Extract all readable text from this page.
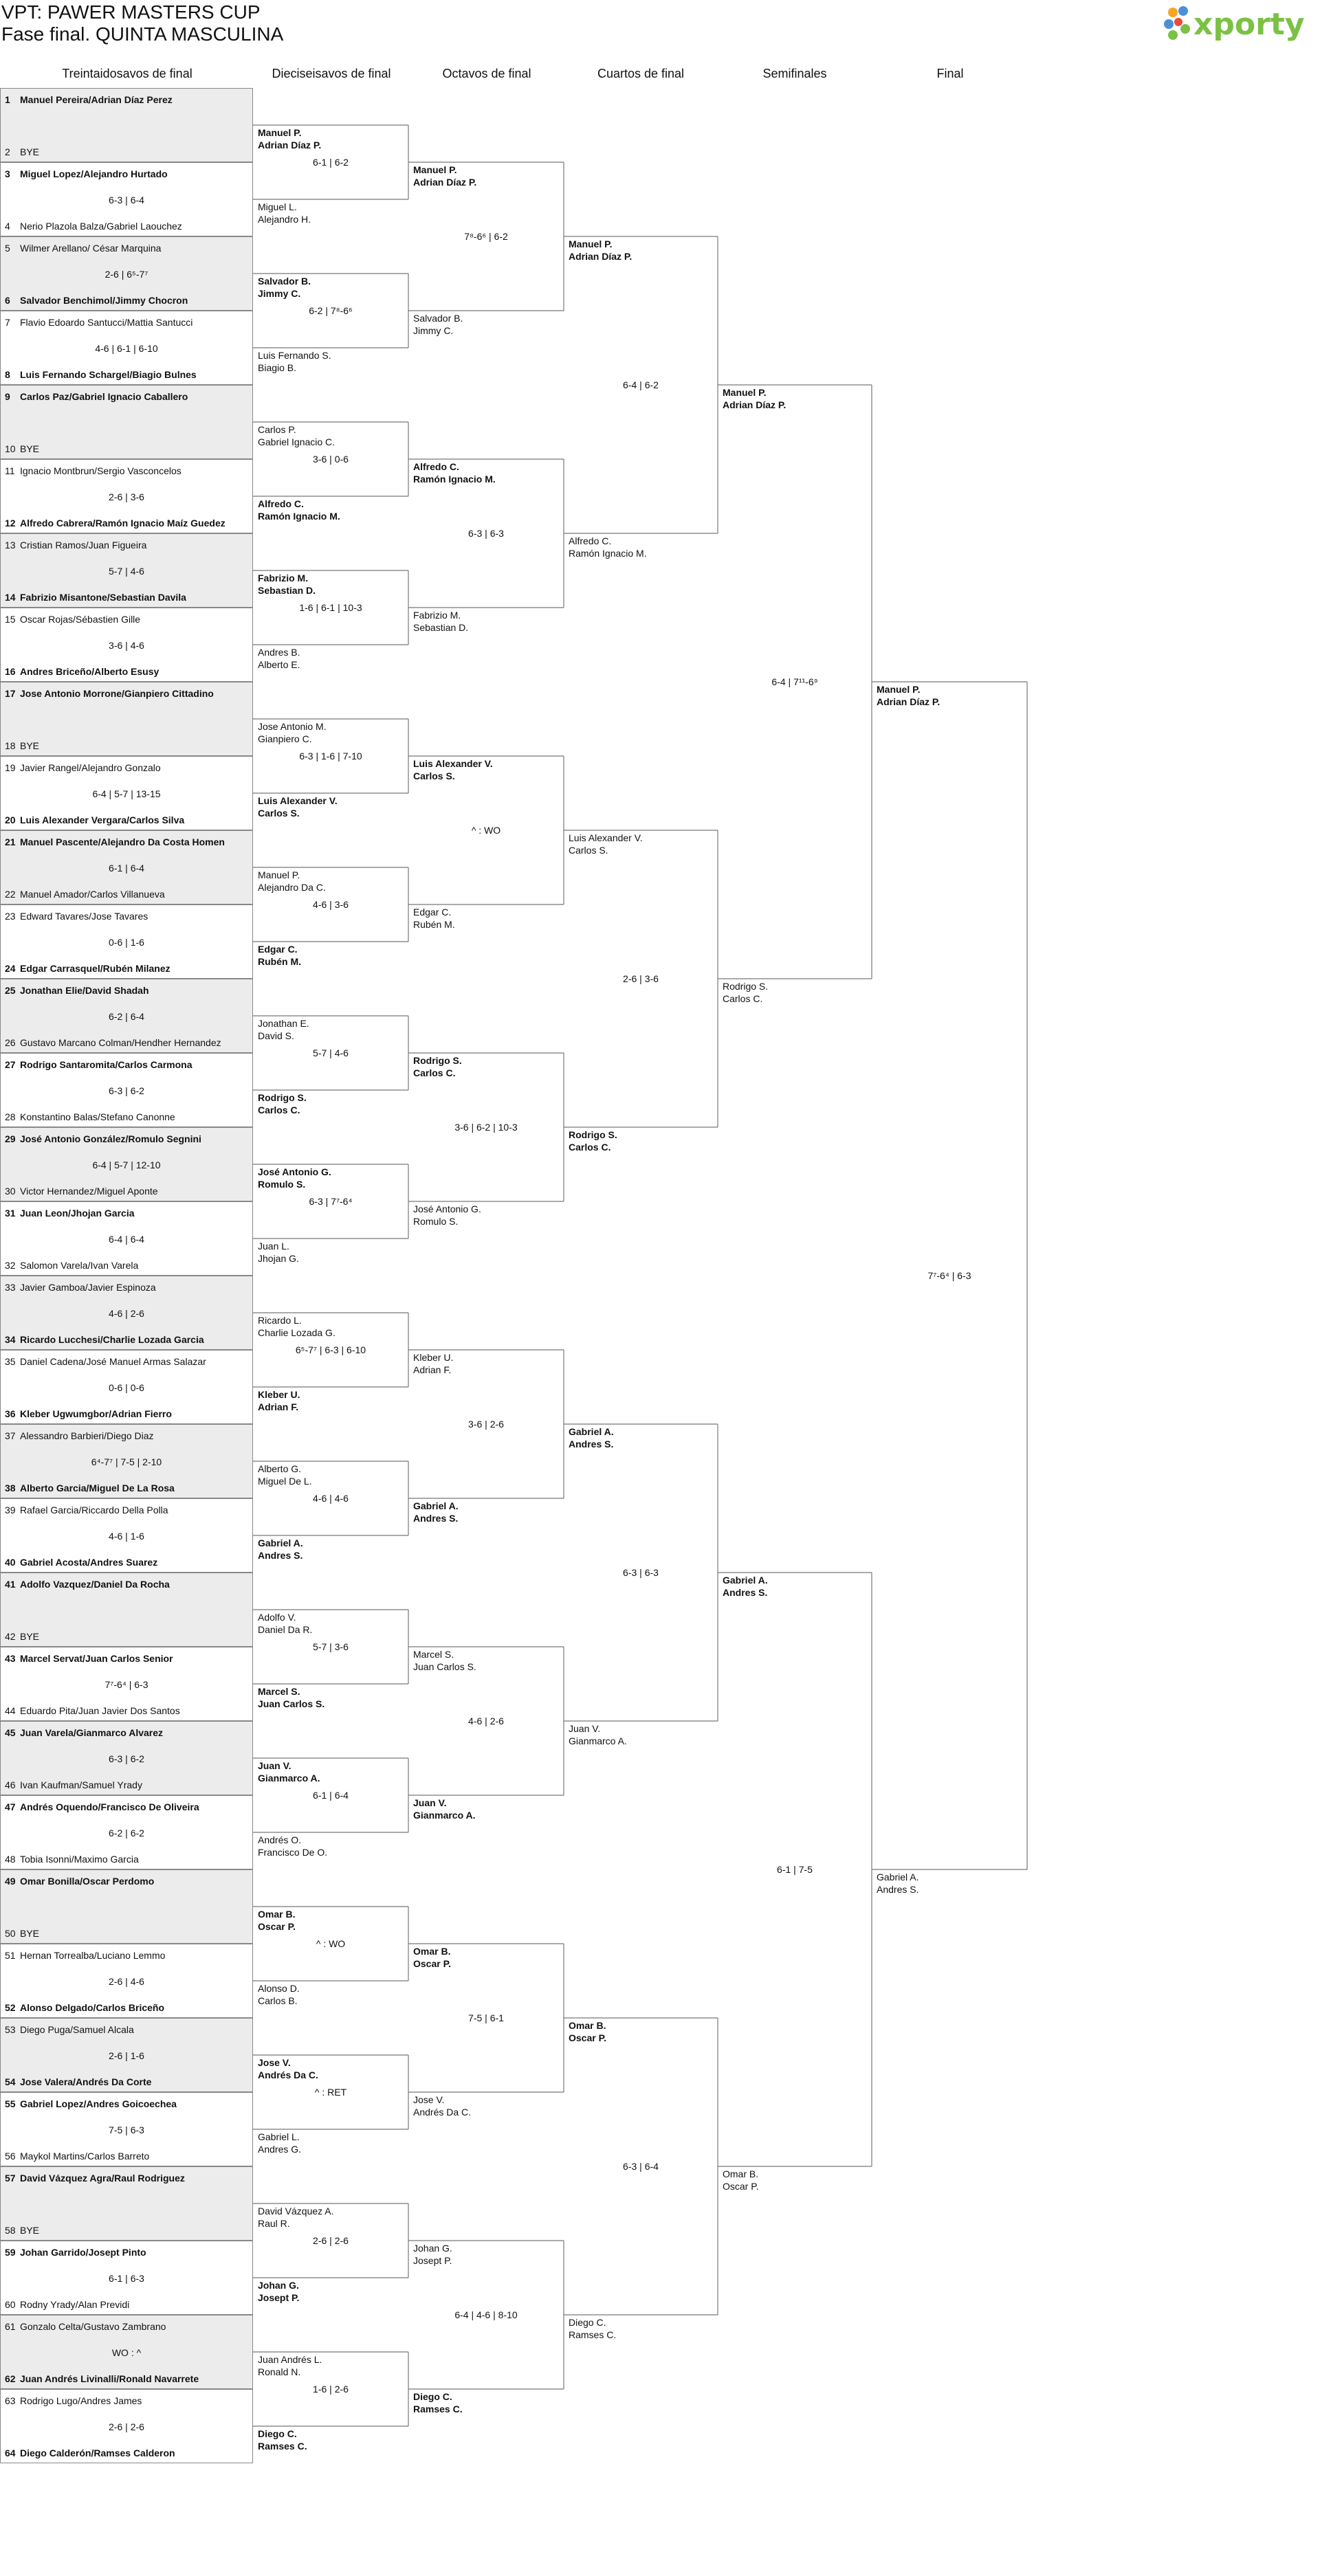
VPT: PAWER MASTERS CUP
Fase final. QUINTA MASCULINA	xporty
Treintaidosavos de final	Dieciseisavos de final	Octavos de final	Cuartos de final	Semifinales	Final
1 Manuel Pereira/Adrian Díaz Perez
2 BYE
3 Miguel Lopez/Alejandro Hurtado
4 Nerio Plazola Balza/Gabriel Laouchez
6-3 | 6-4
5 Wilmer Arellano/ César Marquina
6 Salvador Benchimol/Jimmy Chocron
2-6 | 6⁵-7⁷
7 Flavio Edoardo Santucci/Mattia Santucci
8 Luis Fernando Schargel/Biagio Bulnes
4-6 | 6-1 | 6-10
9 Carlos Paz/Gabriel Ignacio Caballero
10 BYE
11 Ignacio Montbrun/Sergio Vasconcelos
12 Alfredo Cabrera/Ramón Ignacio Maíz Guedez
2-6 | 3-6
13 Cristian Ramos/Juan Figueira
14 Fabrizio Misantone/Sebastian Davila
5-7 | 4-6
15 Oscar Rojas/Sébastien Gille
16 Andres Briceño/Alberto Esusy
3-6 | 4-6
17 Jose Antonio Morrone/Gianpiero Cittadino
18 BYE
19 Javier Rangel/Alejandro Gonzalo
20 Luis Alexander Vergara/Carlos Silva
6-4 | 5-7 | 13-15
21 Manuel Pascente/Alejandro Da Costa Homen
22 Manuel Amador/Carlos Villanueva
6-1 | 6-4
23 Edward Tavares/Jose Tavares
24 Edgar Carrasquel/Rubén Milanez
0-6 | 1-6
25 Jonathan Elie/David Shadah
26 Gustavo Marcano Colman/Hendher Hernandez
6-2 | 6-4
27 Rodrigo Santaromita/Carlos Carmona
28 Konstantino Balas/Stefano Canonne
6-3 | 6-2
29 José Antonio González/Romulo Segnini
30 Victor Hernandez/Miguel Aponte
6-4 | 5-7 | 12-10
31 Juan Leon/Jhojan Garcia
32 Salomon Varela/Ivan Varela
6-4 | 6-4
33 Javier Gamboa/Javier Espinoza
34 Ricardo Lucchesi/Charlie Lozada Garcia
4-6 | 2-6
35 Daniel Cadena/José Manuel Armas Salazar
36 Kleber Ugwumgbor/Adrian Fierro
0-6 | 0-6
37 Alessandro Barbieri/Diego Diaz
38 Alberto Garcia/Miguel De La Rosa
6⁴-7⁷ | 7-5 | 2-10
39 Rafael Garcia/Riccardo Della Polla
40 Gabriel Acosta/Andres Suarez
4-6 | 1-6
41 Adolfo Vazquez/Daniel Da Rocha
42 BYE
43 Marcel Servat/Juan Carlos Senior
44 Eduardo Pita/Juan Javier Dos Santos
7⁷-6⁴ | 6-3
45 Juan Varela/Gianmarco Alvarez
46 Ivan Kaufman/Samuel Yrady
6-3 | 6-2
47 Andrés Oquendo/Francisco De Oliveira
48 Tobia Isonni/Maximo Garcia
6-2 | 6-2
49 Omar Bonilla/Oscar Perdomo
50 BYE
51 Hernan Torrealba/Luciano Lemmo
52 Alonso Delgado/Carlos Briceño
2-6 | 4-6
53 Diego Puga/Samuel Alcala
54 Jose Valera/Andrés Da Corte
2-6 | 1-6
55 Gabriel Lopez/Andres Goicoechea
56 Maykol Martins/Carlos Barreto
7-5 | 6-3
57 David Vázquez Agra/Raul Rodriguez
58 BYE
59 Johan Garrido/Josept Pinto
60 Rodny Yrady/Alan Previdi
6-1 | 6-3
61 Gonzalo Celta/Gustavo Zambrano
62 Juan Andrés Livinalli/Ronald Navarrete
WO : ^
63 Rodrigo Lugo/Andres James
64 Diego Calderón/Ramses Calderon
2-6 | 2-6
Manuel P.
Adrian Díaz P.
Miguel L.
Alejandro H.
6-1 | 6-2
Salvador B.
Jimmy C.
Luis Fernando S.
Biagio B.
6-2 | 7⁸-6⁶
Carlos P.
Gabriel Ignacio C.
Alfredo C.
Ramón Ignacio M.
3-6 | 0-6
Fabrizio M.
Sebastian D.
Andres B.
Alberto E.
1-6 | 6-1 | 10-3
Jose Antonio M.
Gianpiero C.
Luis Alexander V.
Carlos S.
6-3 | 1-6 | 7-10
Manuel P.
Alejandro Da C.
Edgar C.
Rubén M.
4-6 | 3-6
Jonathan E.
David S.
Rodrigo S.
Carlos C.
5-7 | 4-6
José Antonio G.
Romulo S.
Juan L.
Jhojan G.
6-3 | 7⁷-6⁴
Ricardo L.
Charlie Lozada G.
Kleber U.
Adrian F.
6⁵-7⁷ | 6-3 | 6-10
Alberto G.
Miguel De L.
Gabriel A.
Andres S.
4-6 | 4-6
Adolfo V.
Daniel Da R.
Marcel S.
Juan Carlos S.
5-7 | 3-6
Juan V.
Gianmarco A.
Andrés O.
Francisco De O.
6-1 | 6-4
Omar B.
Oscar P.
Alonso D.
Carlos B.
^ : WO
Jose V.
Andrés Da C.
Gabriel L.
Andres G.
^ : RET
David Vázquez A.
Raul R.
Johan G.
Josept P.
2-6 | 2-6
Juan Andrés L.
Ronald N.
Diego C.
Ramses C.
1-6 | 2-6
Manuel P.
Adrian Díaz P.
Salvador B.
Jimmy C.
7⁸-6⁶ | 6-2
Alfredo C.
Ramón Ignacio M.
Fabrizio M.
Sebastian D.
6-3 | 6-3
Luis Alexander V.
Carlos S.
Edgar C.
Rubén M.
^ : WO
Rodrigo S.
Carlos C.
José Antonio G.
Romulo S.
3-6 | 6-2 | 10-3
Kleber U.
Adrian F.
Gabriel A.
Andres S.
3-6 | 2-6
Marcel S.
Juan Carlos S.
Juan V.
Gianmarco A.
4-6 | 2-6
Omar B.
Oscar P.
Jose V.
Andrés Da C.
7-5 | 6-1
Johan G.
Josept P.
Diego C.
Ramses C.
6-4 | 4-6 | 8-10
Manuel P.
Adrian Díaz P.
Alfredo C.
Ramón Ignacio M.
6-4 | 6-2
Luis Alexander V.
Carlos S.
Rodrigo S.
Carlos C.
2-6 | 3-6
Gabriel A.
Andres S.
Juan V.
Gianmarco A.
6-3 | 6-3
Omar B.
Oscar P.
Diego C.
Ramses C.
6-3 | 6-4
Manuel P.
Adrian Díaz P.
Rodrigo S.
Carlos C.
6-4 | 7¹¹-6⁹
Gabriel A.
Andres S.
Omar B.
Oscar P.
6-1 | 7-5
Manuel P.
Adrian Díaz P.
Gabriel A.
Andres S.
7⁷-6⁴ | 6-3
